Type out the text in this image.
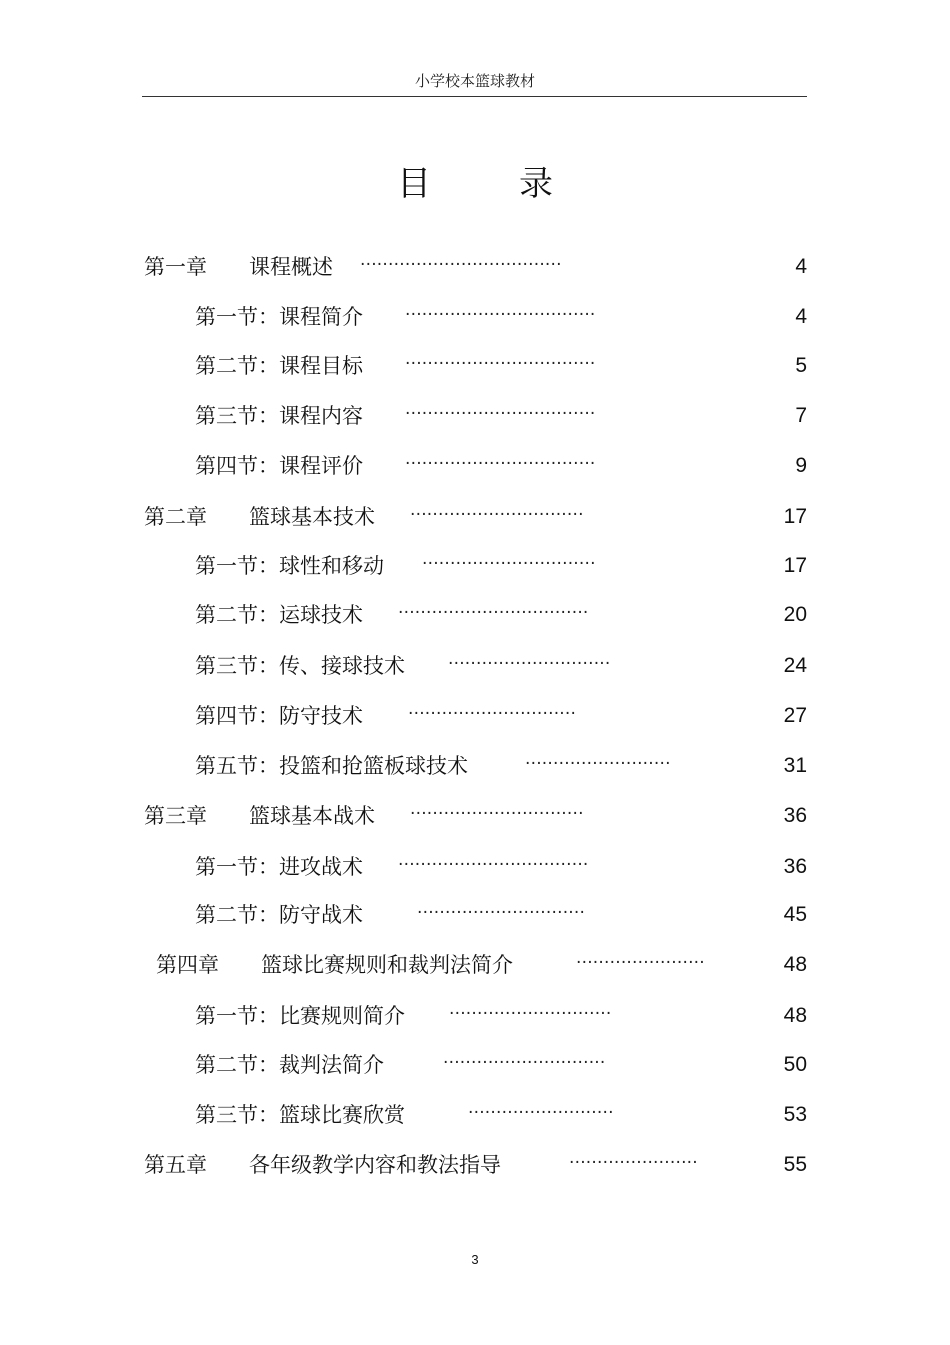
小学校本篮球教材
目	录
第一章　　课程概述 ····································	4
第一节：课程简介 ··································	4
第二节：课程目标 ··································	5
第三节：课程内容 ··································	7
第四节：课程评价 ··································	9
第二章　　篮球基本技术 ·······························	17
第一节：球性和移动 ·······························	17
第二节：运球技术 ··································	20
第三节：传、接球技术	·····························	24
第四节：防守技术	······························	27
第五节：投篮和抢篮板球技术	··························	31
第三章　　篮球基本战术 ·······························	36
第一节：进攻战术 ··································	36
第二节：防守战术	······························	45
第四章　　篮球比赛规则和裁判法简介	·······················	48
第一节：比赛规则简介	·····························	48
第二节：裁判法简介	·····························	50
第三节：篮球比赛欣赏	··························	53
第五章　　各年级教学内容和教法指导	·······················	55
3
